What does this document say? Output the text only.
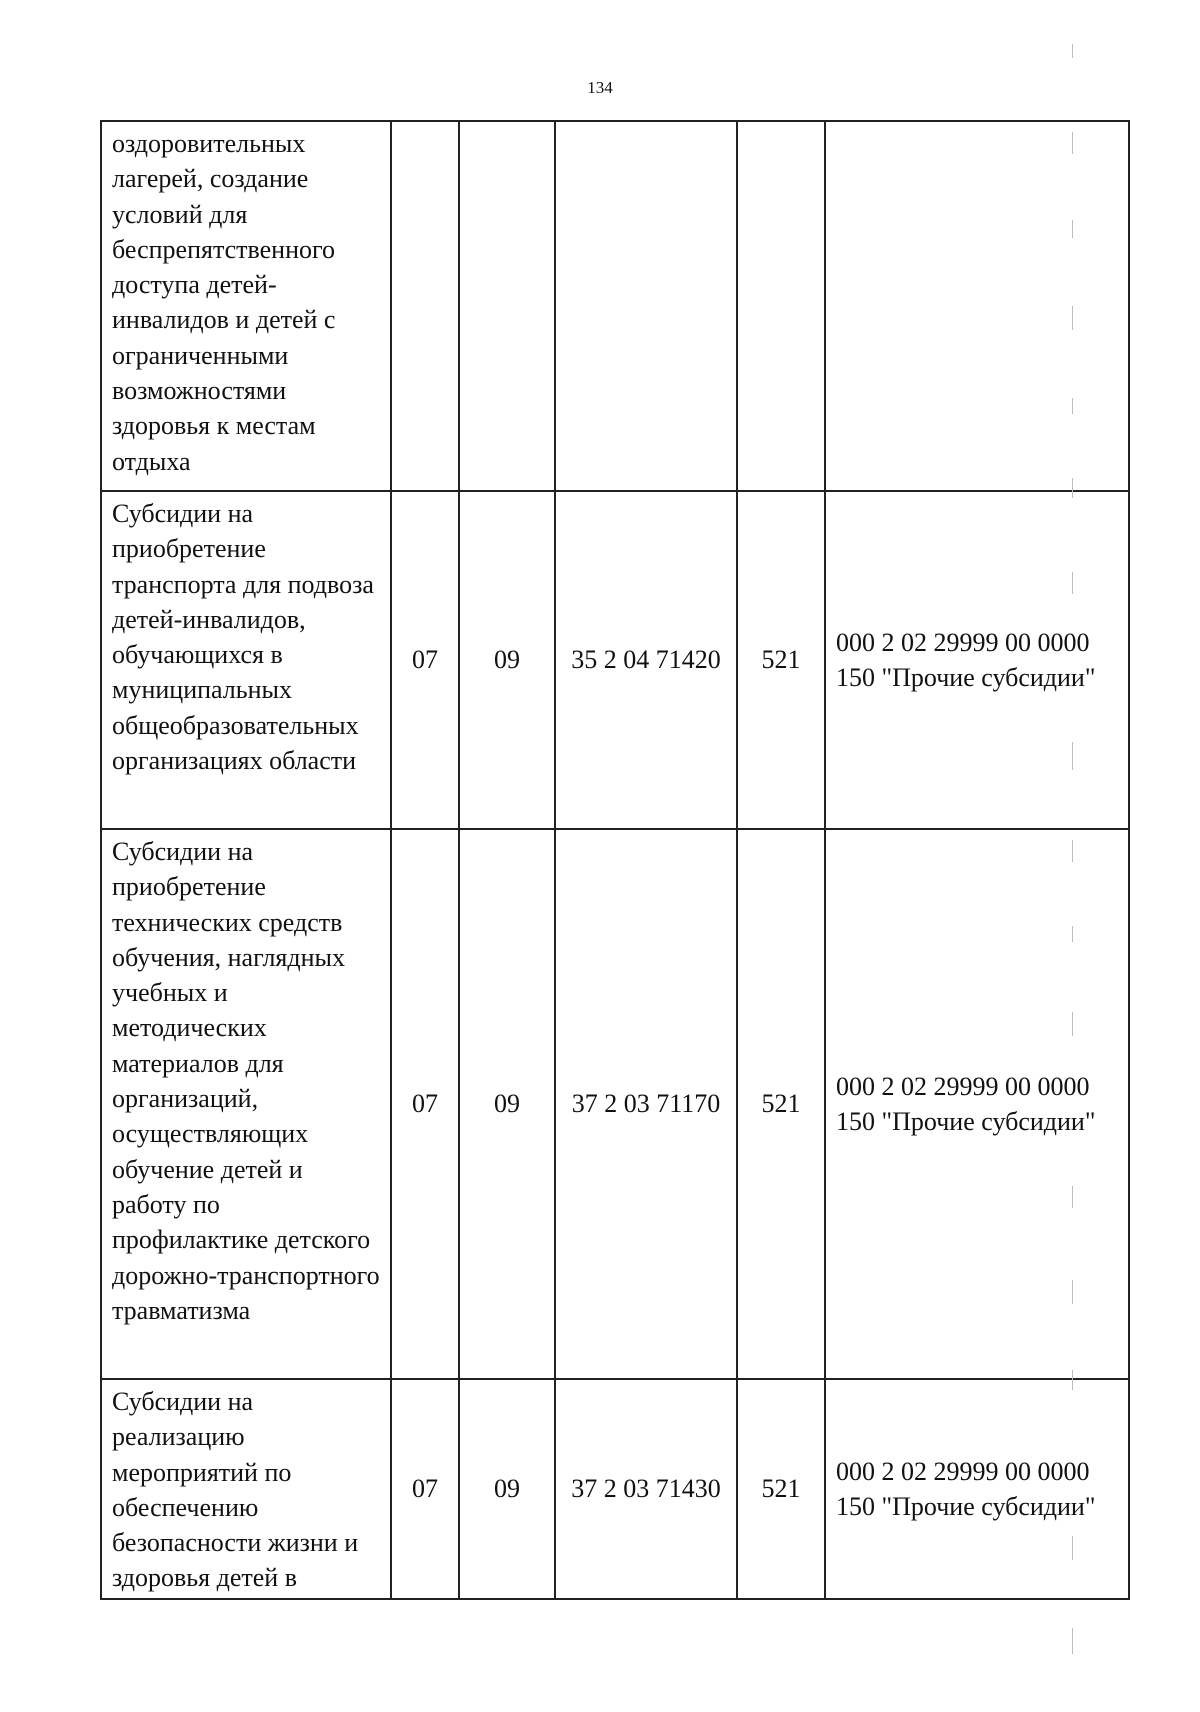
134
оздоровительных лагерей, создание условий для беспрепятственного доступа детей-инвалидов и детей с ограниченными возможностями здоровья к местам отдыха					
Субсидии на приобретение транспорта для подвоза детей-инвалидов, обучающихся в муниципальных общеобразовательных организациях области	07	09	35 2 04 71420	521	000 2 02 29999 00 0000 150 "Прочие субсидии"
Субсидии на приобретение технических средств обучения, наглядных учебных и методических материалов для организаций, осуществляющих обучение детей и работу по профилактике детского дорожно-транспортного травматизма	07	09	37 2 03 71170	521	000 2 02 29999 00 0000 150 "Прочие субсидии"
Субсидии на реализацию мероприятий по обеспечению безопасности жизни и здоровья детей в	07	09	37 2 03 71430	521	000 2 02 29999 00 0000 150 "Прочие субсидии"
